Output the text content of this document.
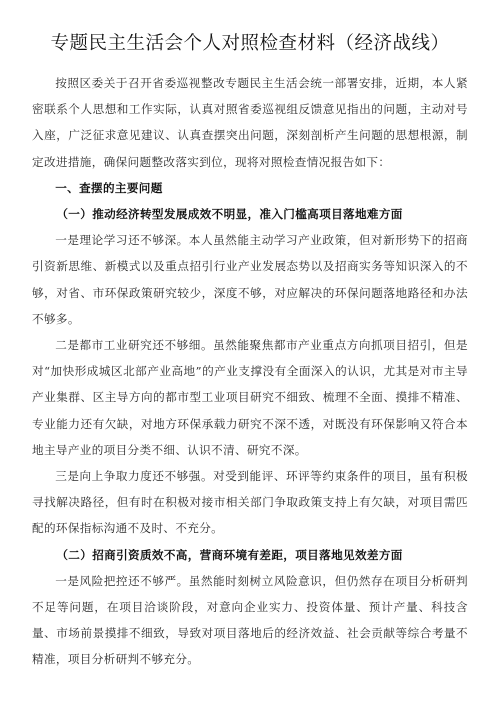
专题民主生活会个人对照检查材料（经济战线）

按照区委关于召开省委巡视整改专题民主生活会统一部署安排，近期，本人紧密联系个人思想和工作实际，认真对照省委巡视组反馈意见指出的问题，主动对号入座，广泛征求意见建议、认真查摆突出问题，深刻剖析产生问题的思想根源，制定改进措施，确保问题整改落实到位，现将对照检查情况报告如下：

一、查摆的主要问题

（一）推动经济转型发展成效不明显，准入门槛高项目落地难方面

一是理论学习还不够深。本人虽然能主动学习产业政策，但对新形势下的招商引资新思维、新模式以及重点招引行业产业发展态势以及招商实务等知识深入的不够，对省、市环保政策研究较少，深度不够，对应解决的环保问题落地路径和办法不够多。

二是都市工业研究还不够细。虽然能聚焦都市产业重点方向抓项目招引，但是对“加快形成城区北部产业高地”的产业支撑没有全面深入的认识，尤其是对市主导产业集群、区主导方向的都市型工业项目研究不细致、梳理不全面、摸排不精准、专业能力还有欠缺，对地方环保承载力研究不深不透，对既没有环保影响又符合本地主导产业的项目分类不细、认识不清、研究不深。

三是向上争取力度还不够强。对受到能评、环评等约束条件的项目，虽有积极寻找解决路径，但有时在积极对接市相关部门争取政策支持上有欠缺，对项目需匹配的环保指标沟通不及时、不充分。

（二）招商引资质效不高，营商环境有差距，项目落地见效差方面

一是风险把控还不够严。虽然能时刻树立风险意识，但仍然存在项目分析研判不足等问题，在项目洽谈阶段，对意向企业实力、投资体量、预计产量、科技含量、市场前景摸排不细致，导致对项目落地后的经济效益、社会贡献等综合考量不精准，项目分析研判不够充分。
